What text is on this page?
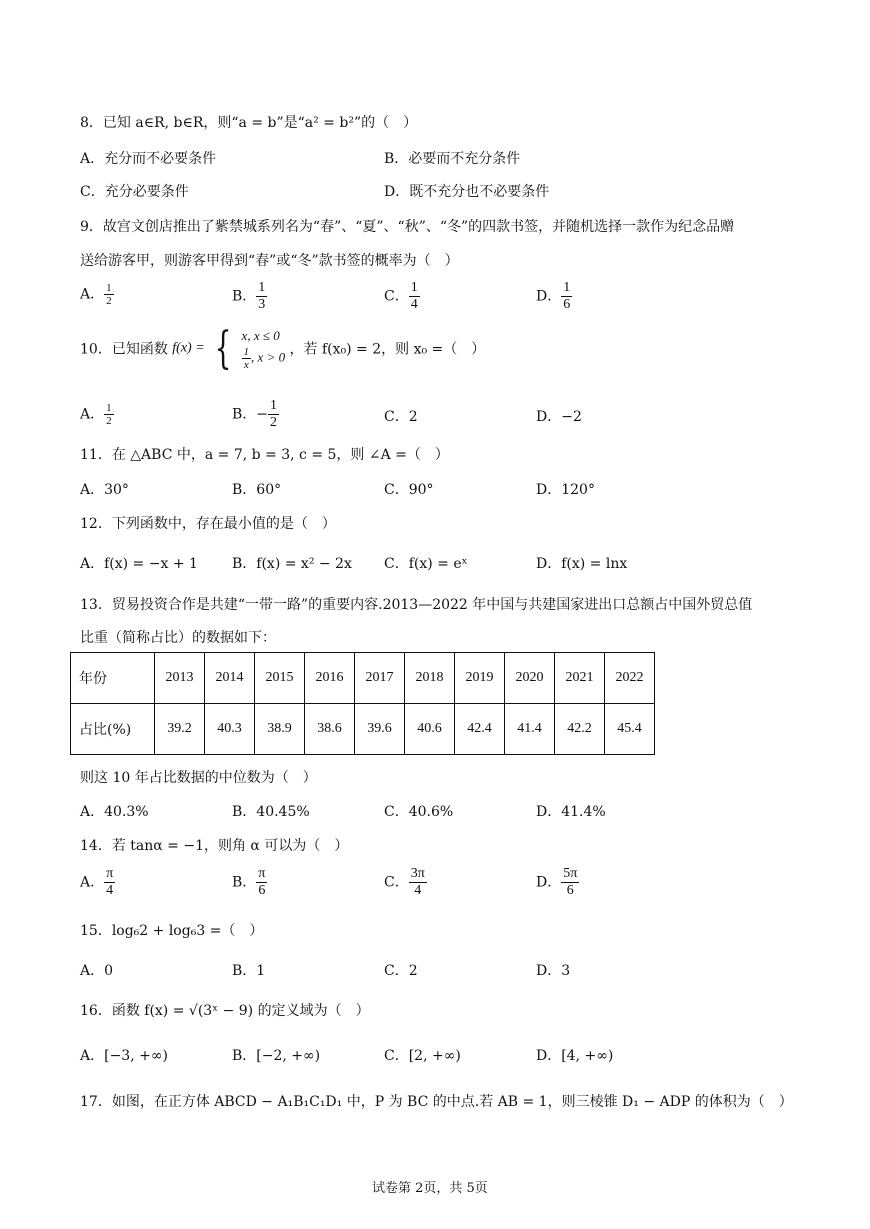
8．已知 a∈R, b∈R，则“a = b”是“a² = b²”的（　）
A．充分而不必要条件	B．必要而不充分条件
C．充分必要条件	D．既不充分也不必要条件
9．故宫文创店推出了紫禁城系列名为“春”、“夏”、“秋”、“冬”的四款书签，并随机选择一款作为纪念品赠
送给游客甲，则游客甲得到“春”或“冬”款书签的概率为（　）
A． $\frac{1}{2}$	B． $\frac{1}{3}$	C． $\frac{1}{4}$	D． $\frac{1}{6}$
10．已知函数 f(x) = { x, x ≤ 0
$\frac{1}{x}$ , x > 0 ，若 f(x₀) = 2，则 x₀ =（　）
A． $\frac{1}{2}$	B．− $\frac{1}{2}$	C．2	D．−2
11．在 △ABC 中，a = 7, b = 3, c = 5，则 ∠A =（　）
A．30°	B．60°	C．90°	D．120°
12．下列函数中，存在最小值的是（　）
A．f(x) = −x + 1 B．f(x) = x² − 2x C．f(x) = eˣ	D．f(x) = lnx
13．贸易投资合作是共建“一带一路”的重要内容.2013—2022 年中国与共建国家进出口总额占中国外贸总值
比重（简称占比）的数据如下：
年份	2013	2014	2015	2016	2017	2018	2019	2020	2021	2022
占比(%)	39.2	40.3	38.9	38.6	39.6	40.6	42.4	41.4	42.2	45.4
则这 10 年占比数据的中位数为（　）
A．40.3%	B．40.45%	C．40.6%	D．41.4%
14．若 tanα = −1，则角 α 可以为（　）
A． $\frac{\pi}{4}$	B． $\frac{\pi}{6}$	C． $\frac{3\pi}{4}$	D． $\frac{5\pi}{6}$
15．log₆2 + log₆3 =（　）
A．0	B．1	C．2	D．3
16．函数 f(x) = √(3ˣ − 9) 的定义域为（　）
A．[−3, +∞)	B．[−2, +∞)	C．[2, +∞)	D．[4, +∞)
17．如图，在正方体 ABCD − A₁B₁C₁D₁ 中，P 为 BC 的中点.若 AB = 1，则三棱锥 D₁ − ADP 的体积为（　）
试卷第 2页，共 5页
